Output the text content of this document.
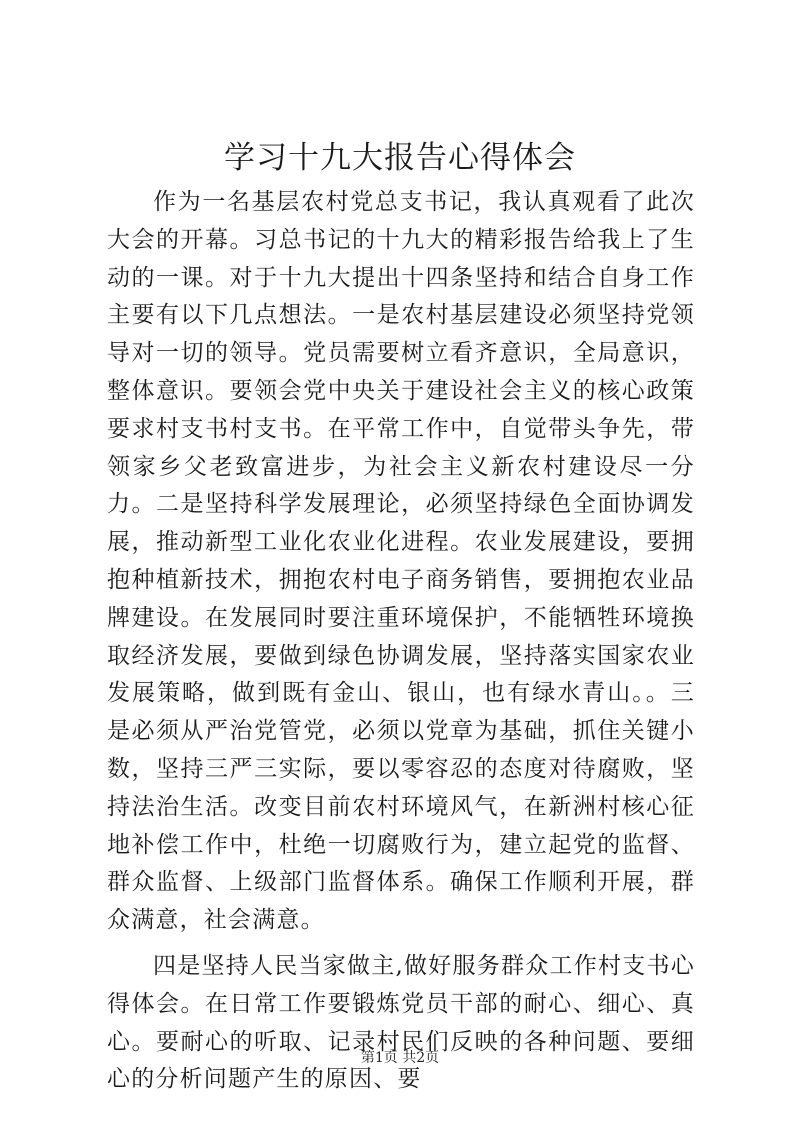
学习十九大报告心得体会

作为一名基层农村党总支书记，我认真观看了此次大会的开幕。习总书记的十九大的精彩报告给我上了生动的一课。对于十九大提出十四条坚持和结合自身工作主要有以下几点想法。一是农村基层建设必须坚持党领导对一切的领导。党员需要树立看齐意识，全局意识，整体意识。要领会党中央关于建设社会主义的核心政策要求村支书村支书。在平常工作中，自觉带头争先，带领家乡父老致富进步，为社会主义新农村建设尽一分力。二是坚持科学发展理论，必须坚持绿色全面协调发展，推动新型工业化农业化进程。农业发展建设，要拥抱种植新技术，拥抱农村电子商务销售，要拥抱农业品牌建设。在发展同时要注重环境保护，不能牺牲环境换取经济发展，要做到绿色协调发展，坚持落实国家农业发展策略，做到既有金山、银山，也有绿水青山。。三是必须从严治党管党，必须以党章为基础，抓住关键小数，坚持三严三实际，要以零容忍的态度对待腐败，坚持法治生活。改变目前农村环境风气，在新洲村核心征地补偿工作中，杜绝一切腐败行为，建立起党的监督、群众监督、上级部门监督体系。确保工作顺利开展，群众满意，社会满意。

四是坚持人民当家做主,做好服务群众工作村支书心得体会。在日常工作要锻炼党员干部的耐心、细心、真心。要耐心的听取、记录村民们反映的各种问题、要细心的分析问题产生的原因、要

第1页 共2页
